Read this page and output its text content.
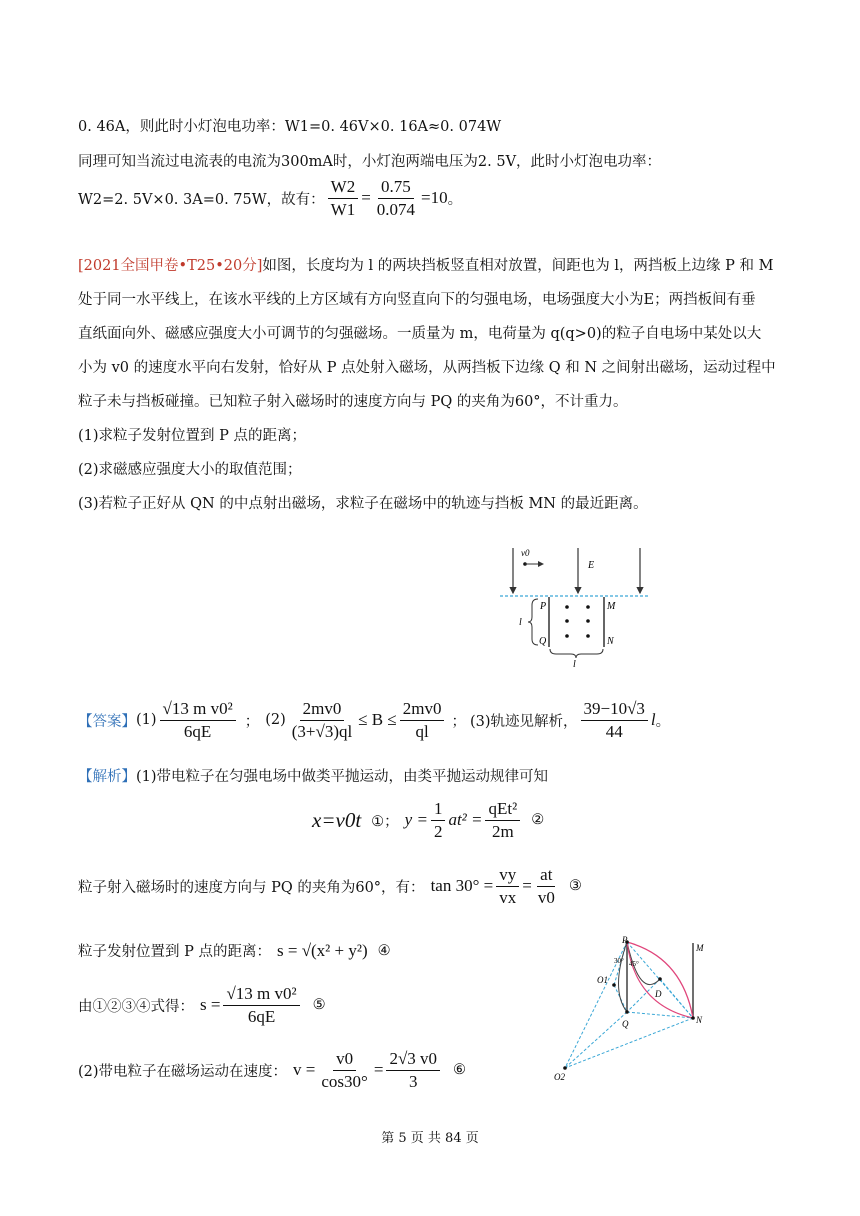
0. 46A，则此时小灯泡电功率：W1=0. 46V×0. 16A≈0. 074W
同理可知当流过电流表的电流为300mA时，小灯泡两端电压为2. 5V，此时小灯泡电功率：
W2=2. 5V×0. 3A=0. 75W，故有： $\frac{W2}{W1} = \frac{0.75}{0.074} =10$ 。
[2021全国甲卷•T25•20分]如图，长度均为 l 的两块挡板竖直相对放置，间距也为 l，两挡板上边缘 P 和 M
处于同一水平线上，在该水平线的上方区域有方向竖直向下的匀强电场，电场强度大小为E；两挡板间有垂
直纸面向外、磁感应强度大小可调节的匀强磁场。一质量为 m，电荷量为 q(q>0)的粒子自电场中某处以大
小为 v0 的速度水平向右发射，恰好从 P 点处射入磁场，从两挡板下边缘 Q 和 N 之间射出磁场，运动过程中
粒子未与挡板碰撞。已知粒子射入磁场时的速度方向与 PQ 的夹角为60°，不计重力。
(1)求粒子发射位置到 P 点的距离；
(2)求磁感应强度大小的取值范围；
(3)若粒子正好从 QN 的中点射出磁场，求粒子在磁场中的轨迹与挡板 MN 的最近距离。
v0
E
P	M
Q	N
l
l
【答案】 $(1) \frac{\text{√13 m v0²}}{6qE}$ ； $(2) \frac{2mv0}{(3+√3)ql} \le B \le \frac{2mv0}{ql}$ ； (3)轨迹见解析， $\frac{39-10√3}{44}$ l 。
【解析】(1)带电粒子在匀强电场中做类平抛运动，由类平抛运动规律可知
x=v0t ①； $y = \frac{1}{2} at^2 = \frac{\text{qEt²}}{2m}$ ②
粒子射入磁场时的速度方向与 PQ 的夹角为60°，有： $\tan 30^\circ = \frac{vy}{vx} = \frac{at}{v0}$ ③
粒子发射位置到 P 点的距离： s = √(x² + y²) ④
由①②③④式得： $s = \frac{\text{√13 m v0²}}{6qE}$ ⑤
(2)带电粒子在磁场运动在速度： $v = \frac{v0}{\cos 30^\circ} = \frac{2√3 v0}{3}$ ⑥
P
M
O1
D
Q	N
O2
30° 45°
第 5 页 共 84 页
